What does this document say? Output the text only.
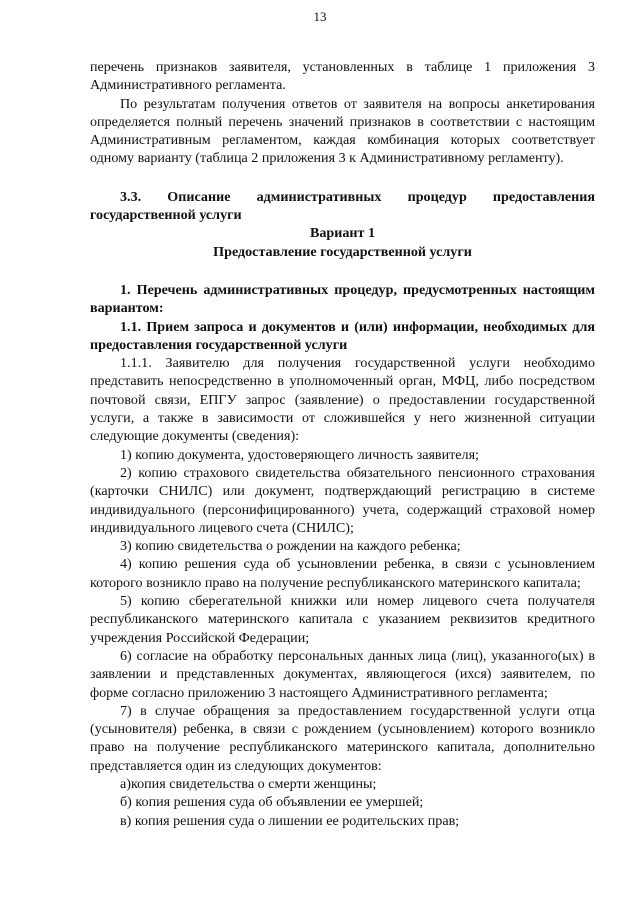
13

перечень признаков заявителя, установленных в таблице 1 приложения 3 Административного регламента.

По результатам получения ответов от заявителя на вопросы анкетирования определяется полный перечень значений признаков в соответствии с настоящим Административным регламентом, каждая комбинация которых соответствует одному варианту (таблица 2 приложения 3 к Административному регламенту).

3.3. Описание административных процедур предоставления государственной услуги

Вариант 1

Предоставление государственной услуги

1. Перечень административных процедур, предусмотренных настоящим вариантом:

1.1. Прием запроса и документов и (или) информации, необходимых для предоставления государственной услуги

1.1.1. Заявителю для получения государственной услуги необходимо представить непосредственно в уполномоченный орган, МФЦ, либо посредством почтовой связи, ЕПГУ запрос (заявление) о предоставлении государственной услуги, а также в зависимости от сложившейся у него жизненной ситуации следующие документы (сведения):

1) копию документа, удостоверяющего личность заявителя;

2) копию страхового свидетельства обязательного пенсионного страхования (карточки СНИЛС) или документ, подтверждающий регистрацию в системе индивидуального (персонифицированного) учета, содержащий страховой номер индивидуального лицевого счета (СНИЛС);

3) копию свидетельства о рождении на каждого ребенка;

4) копию решения суда об усыновлении ребенка, в связи с усыновлением которого возникло право на получение республиканского материнского капитала;

5) копию сберегательной книжки или номер лицевого счета получателя республиканского материнского капитала с указанием реквизитов кредитного учреждения Российской Федерации;

6) согласие на обработку персональных данных лица (лиц), указанного(ых) в заявлении и представленных документах, являющегося (ихся) заявителем, по форме согласно приложению 3 настоящего Административного регламента;

7) в случае обращения за предоставлением государственной услуги отца (усыновителя) ребенка, в связи с рождением (усыновлением) которого возникло право на получение республиканского материнского капитала, дополнительно представляется один из следующих документов:

а)копия свидетельства о смерти женщины;

б) копия решения суда об объявлении ее умершей;

в) копия решения суда о лишении ее родительских прав;
